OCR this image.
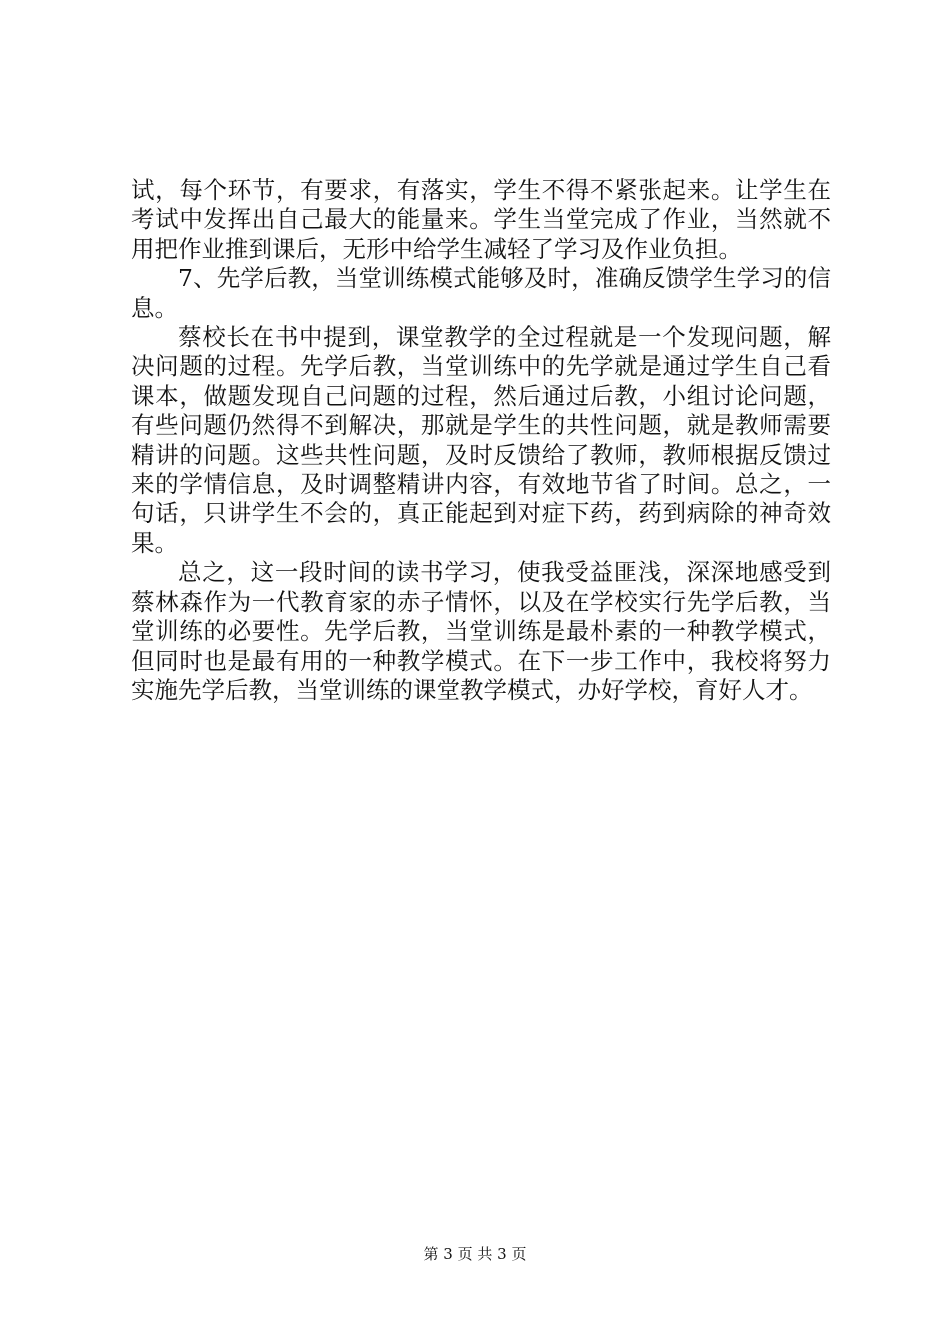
试，每个环节，有要求，有落实，学生不得不紧张起来。让学生在考试中发挥出自己最大的能量来。学生当堂完成了作业，当然就不用把作业推到课后，无形中给学生减轻了学习及作业负担。

7、先学后教，当堂训练模式能够及时，准确反馈学生学习的信息。

蔡校长在书中提到，课堂教学的全过程就是一个发现问题，解决问题的过程。先学后教，当堂训练中的先学就是通过学生自己看课本，做题发现自己问题的过程，然后通过后教，小组讨论问题，有些问题仍然得不到解决，那就是学生的共性问题，就是教师需要精讲的问题。这些共性问题，及时反馈给了教师，教师根据反馈过来的学情信息，及时调整精讲内容，有效地节省了时间。总之，一句话，只讲学生不会的，真正能起到对症下药，药到病除的神奇效果。

总之，这一段时间的读书学习，使我受益匪浅，深深地感受到蔡林森作为一代教育家的赤子情怀，以及在学校实行先学后教，当堂训练的必要性。先学后教，当堂训练是最朴素的一种教学模式，但同时也是最有用的一种教学模式。在下一步工作中，我校将努力实施先学后教，当堂训练的课堂教学模式，办好学校，育好人才。

第 3 页 共 3 页
